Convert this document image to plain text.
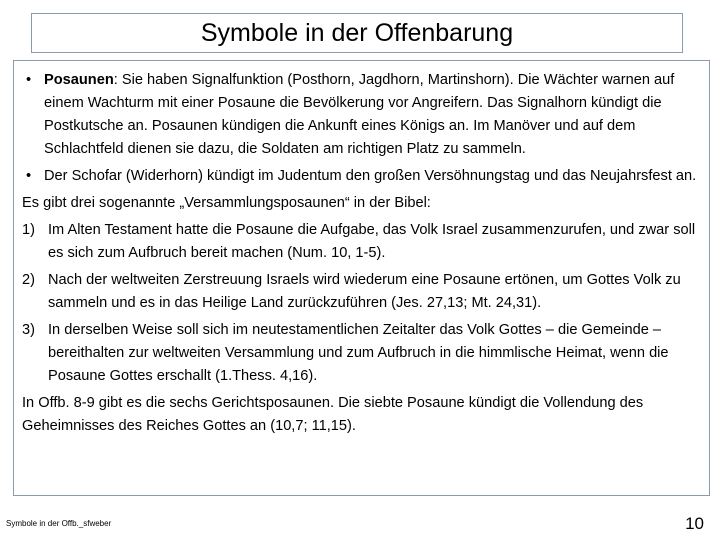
Symbole in der Offenbarung

• Posaunen: Sie haben Signalfunktion (Posthorn, Jagdhorn, Martinshorn). Die Wächter warnen auf einem Wachturm mit einer Posaune die Bevölkerung vor Angreifern. Das Signalhorn kündigt die Postkutsche an. Posaunen kündigen die Ankunft eines Königs an. Im Manöver und auf dem Schlachtfeld dienen sie dazu, die Soldaten am richtigen Platz zu sammeln.

• Der Schofar (Widerhorn) kündigt im Judentum den großen Versöhnungstag und das Neujahrsfest an.

Es gibt drei sogenannte „Versammlungsposaunen“ in der Bibel:

1) Im Alten Testament hatte die Posaune die Aufgabe, das Volk Israel zusammenzurufen, und zwar soll es sich zum Aufbruch bereit machen (Num. 10, 1‑5).

2) Nach der weltweiten Zerstreuung Israels wird wiederum eine Posaune ertönen, um Gottes Volk zu sammeln und es in das Heilige Land zurückzuführen (Jes. 27,13; Mt. 24,31).

3) In derselben Weise soll sich im neutestamentlichen Zeitalter das Volk Gottes – die Gemeinde – bereithalten zur weltweiten Versammlung und zum Aufbruch in die himmlische Heimat, wenn die Posaune Gottes erschallt (1.Thess. 4,16).

In Offb. 8-9 gibt es die sechs Gerichtsposaunen. Die siebte Posaune kündigt die Vollendung des Geheimnisses des Reiches Gottes an (10,7; 11,15).

Symbole in der Offb._sfweber	10
